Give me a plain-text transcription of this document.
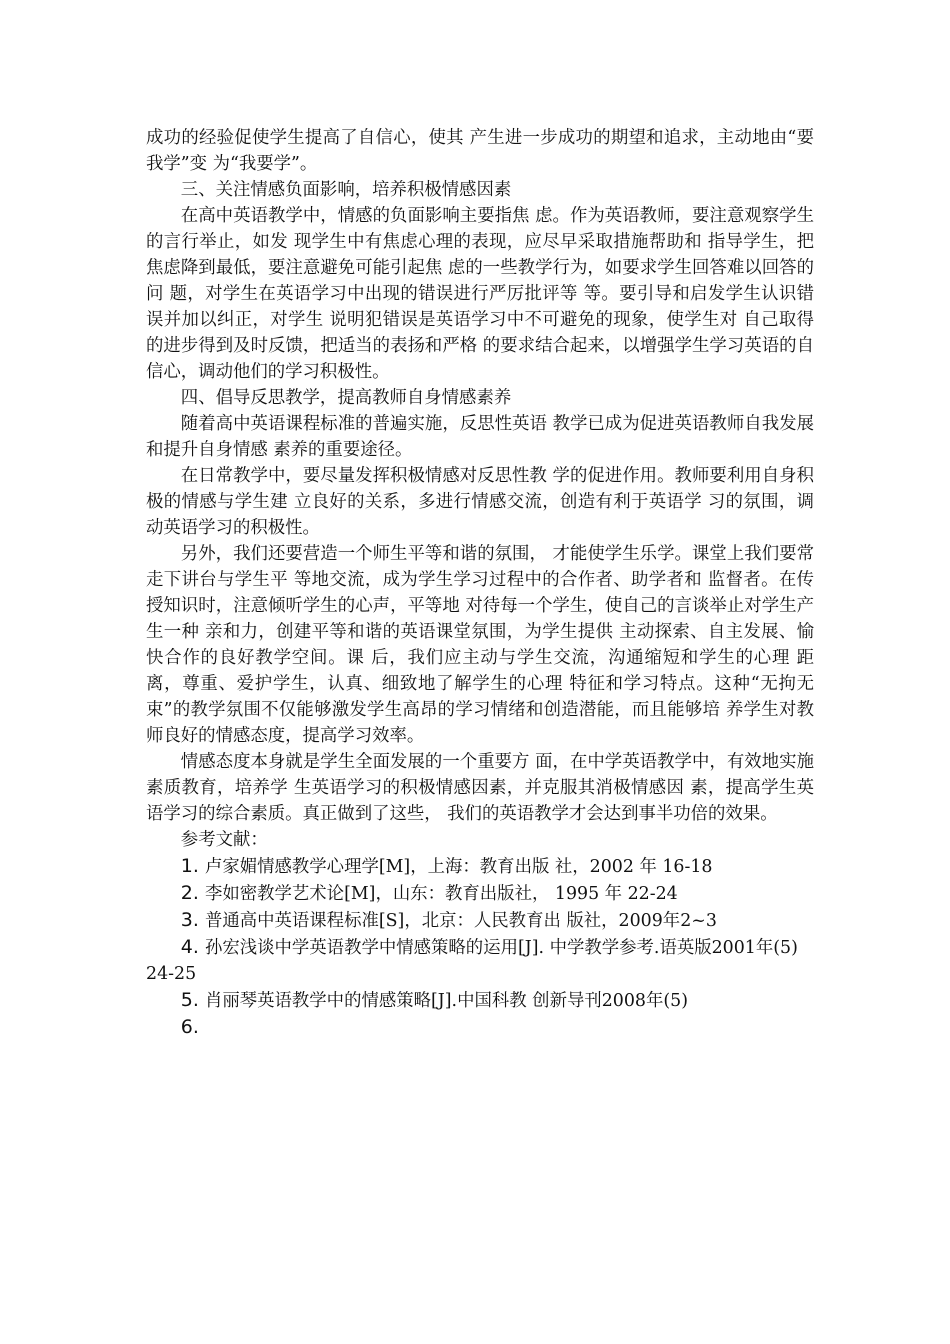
成功的经验促使学生提高了自信心，使其 产生进一步成功的期望和追求，主动地由“要我学”变 为“我要学”。

三、关注情感负面影响，培养积极情感因素

在高中英语教学中，情感的负面影响主要指焦 虑。作为英语教师，要注意观察学生的言行举止，如发 现学生中有焦虑心理的表现，应尽早采取措施帮助和 指导学生，把焦虑降到最低，要注意避免可能引起焦 虑的一些教学行为，如要求学生回答难以回答的问 题，对学生在英语学习中出现的错误进行严厉批评等 等。要引导和启发学生认识错误并加以纠正，对学生 说明犯错误是英语学习中不可避免的现象，使学生对 自己取得的进步得到及时反馈，把适当的表扬和严格 的要求结合起来，以增强学生学习英语的自信心，调动他们的学习积极性。

四、倡导反思教学，提高教师自身情感素养

随着高中英语课程标准的普遍实施，反思性英语 教学已成为促进英语教师自我发展和提升自身情感 素养的重要途径。

在日常教学中，要尽量发挥积极情感对反思性教 学的促进作用。教师要利用自身积极的情感与学生建 立良好的关系，多进行情感交流，创造有利于英语学 习的氛围，调动英语学习的积极性。

另外，我们还要营造一个师生平等和谐的氛围， 才能使学生乐学。课堂上我们要常走下讲台与学生平 等地交流，成为学生学习过程中的合作者、助学者和 监督者。在传授知识时，注意倾听学生的心声，平等地 对待每一个学生，使自己的言谈举止对学生产生一种 亲和力，创建平等和谐的英语课堂氛围，为学生提供 主动探索、自主发展、愉快合作的良好教学空间。课 后，我们应主动与学生交流，沟通缩短和学生的心理 距离，尊重、爱护学生，认真、细致地了解学生的心理 特征和学习特点。这种“无拘无束”的教学氛围不仅能够激发学生高昂的学习情绪和创造潜能，而且能够培 养学生对教师良好的情感态度，提高学习效率。

情感态度本身就是学生全面发展的一个重要方 面，在中学英语教学中，有效地实施素质教育，培养学 生英语学习的积极情感因素，并克服其消极情感因 素，提高学生英语学习的综合素质。真正做到了这些， 我们的英语教学才会达到事半功倍的效果。

参考文献：

1. 卢家媚情感教学心理学[M]，上海：教育出版 社，2002 年 16-18

2. 李如密教学艺术论[M]，山东：教育出版社， 1995 年 22-24

3. 普通高中英语课程标准[S]，北京：人民教育出 版社，2009年2~3

4. 孙宏浅谈中学英语教学中情感策略的运用[J]. 中学教学参考.语英版2001年(5) 24-25

5. 肖丽琴英语教学中的情感策略[J].中国科教 创新导刊2008年(5)

6.
